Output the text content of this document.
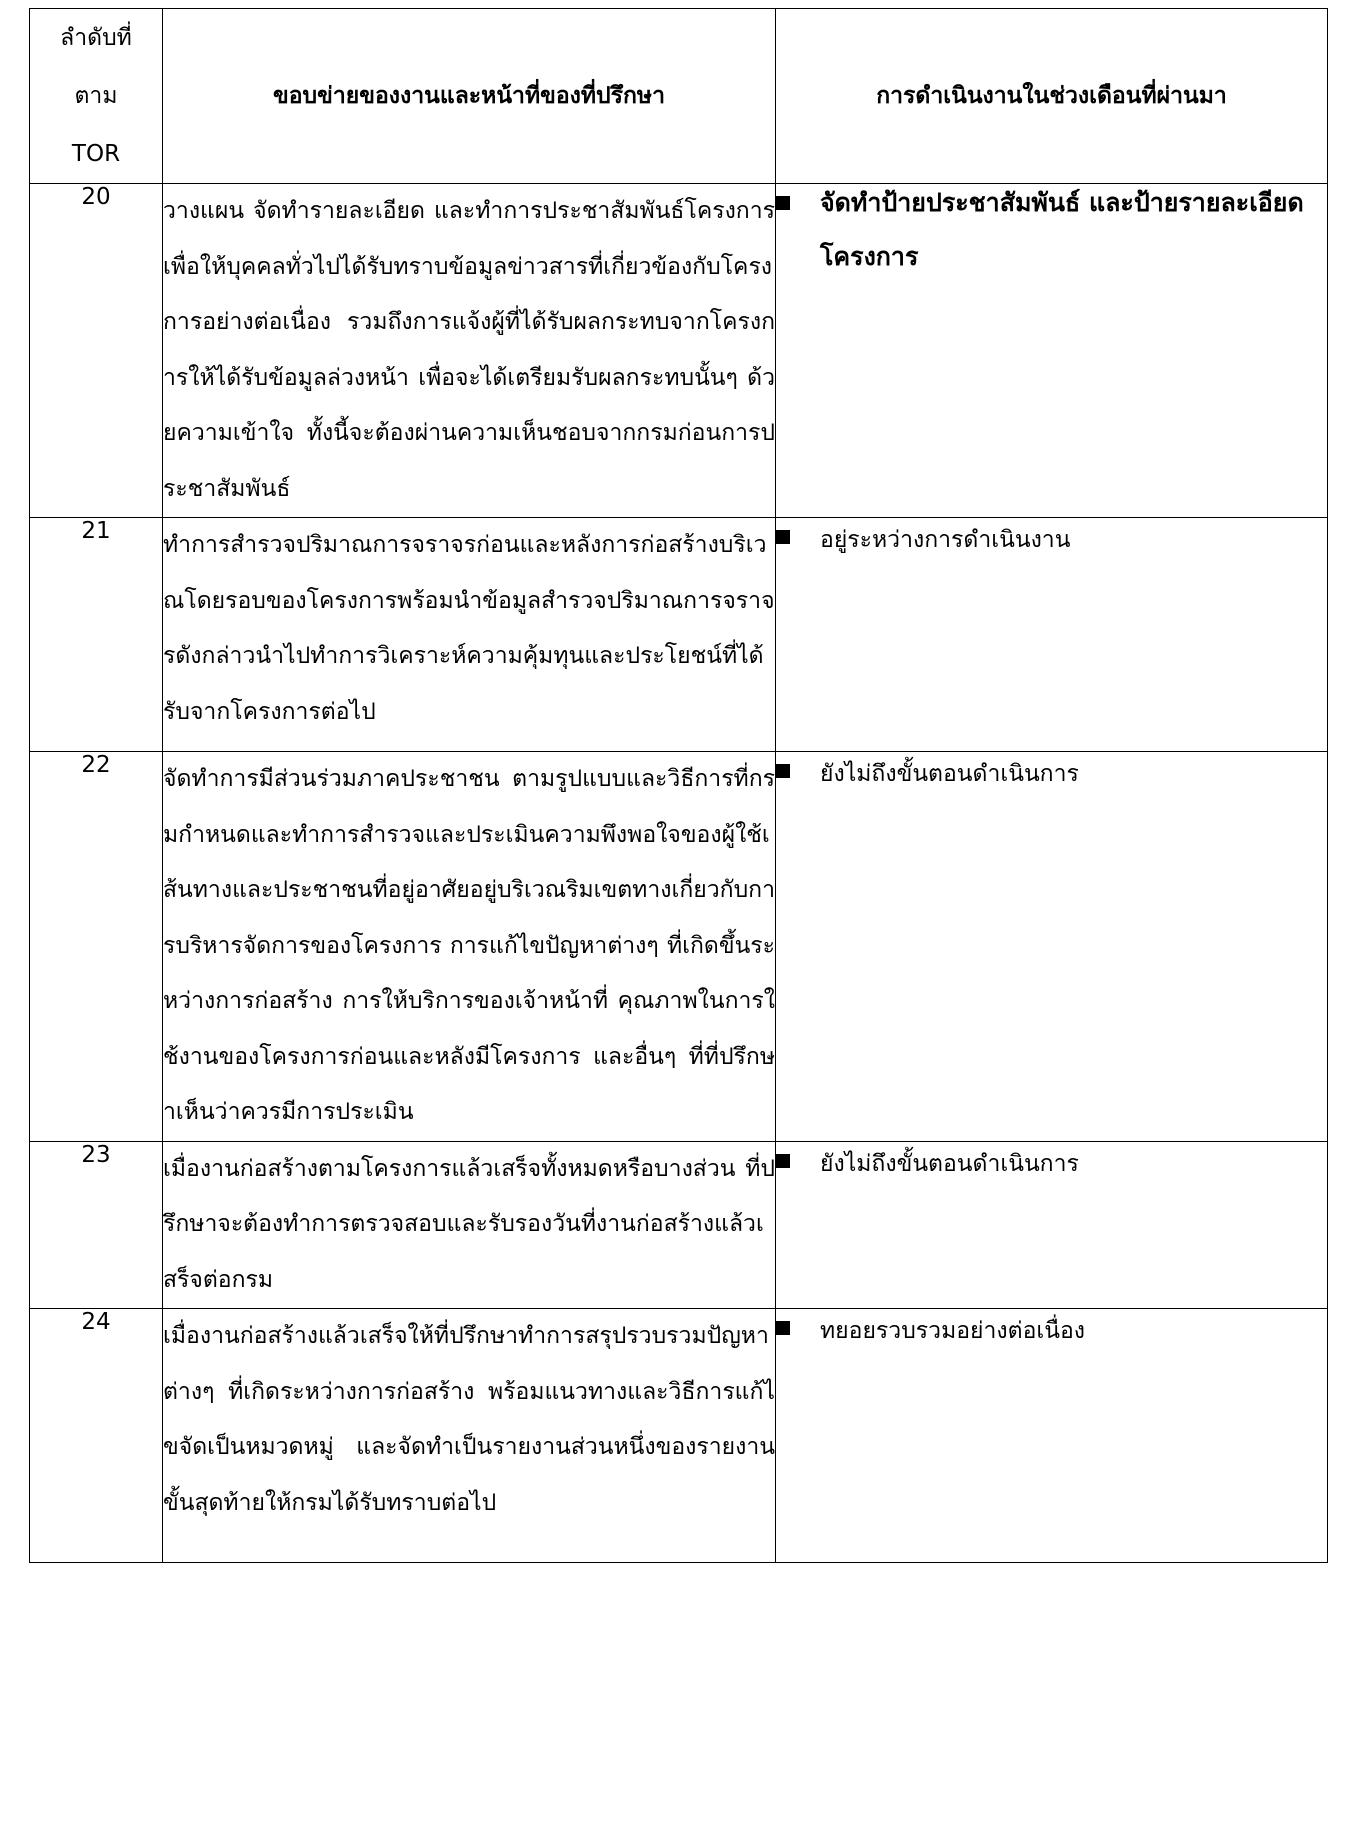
ลำดับที่
ตาม
TOR	ขอบข่ายของงานและหน้าที่ของที่ปรึกษา	การดำเนินงานในช่วงเดือนที่ผ่านมา
20	วางแผน จัดทำรายละเอียด และทำการประชาสัมพันธ์โครงการเพื่อให้บุคคลทั่วไปได้รับทราบข้อมูลข่าวสารที่เกี่ยวข้องกับโครงการอย่างต่อเนื่อง รวมถึงการแจ้งผู้ที่ได้รับผลกระทบจากโครงการให้ได้รับข้อมูลล่วงหน้า เพื่อจะได้เตรียมรับผลกระทบนั้นๆ ด้วยความเข้าใจ ทั้งนี้จะต้องผ่านความเห็นชอบจากกรมก่อนการประชาสัมพันธ์	จัดทำป้ายประชาสัมพันธ์ และป้ายรายละเอียดโครงการ

21	ทำการสำรวจปริมาณการจราจรก่อนและหลังการก่อสร้างบริเวณโดยรอบของโครงการพร้อมนำข้อมูลสำรวจปริมาณการจราจรดังกล่าวนำไปทำการวิเคราะห์ความคุ้มทุนและประโยชน์ที่ได้รับจากโครงการต่อไป	อยู่ระหว่างการดำเนินงาน

22	จัดทำการมีส่วนร่วมภาคประชาชน ตามรูปแบบและวิธีการที่กรมกำหนดและทำการสำรวจและประเมินความพึงพอใจของผู้ใช้เส้นทางและประชาชนที่อยู่อาศัยอยู่บริเวณริมเขตทางเกี่ยวกับการบริหารจัดการของโครงการ การแก้ไขปัญหาต่างๆ ที่เกิดขึ้นระหว่างการก่อสร้าง การให้บริการของเจ้าหน้าที่ คุณภาพในการใช้งานของโครงการก่อนและหลังมีโครงการ และอื่นๆ ที่ที่ปรึกษาเห็นว่าควรมีการประเมิน	ยังไม่ถึงขั้นตอนดำเนินการ

23	เมื่องานก่อสร้างตามโครงการแล้วเสร็จทั้งหมดหรือบางส่วน ที่ปรึกษาจะต้องทำการตรวจสอบและรับรองวันที่งานก่อสร้างแล้วเสร็จต่อกรม	ยังไม่ถึงขั้นตอนดำเนินการ

24	เมื่องานก่อสร้างแล้วเสร็จให้ที่ปรึกษาทำการสรุปรวบรวมปัญหาต่างๆ ที่เกิดระหว่างการก่อสร้าง พร้อมแนวทางและวิธีการแก้ไขจัดเป็นหมวดหมู่ และจัดทำเป็นรายงานส่วนหนึ่งของรายงานขั้นสุดท้ายให้กรมได้รับทราบต่อไป	ทยอยรวบรวมอย่างต่อเนื่อง
